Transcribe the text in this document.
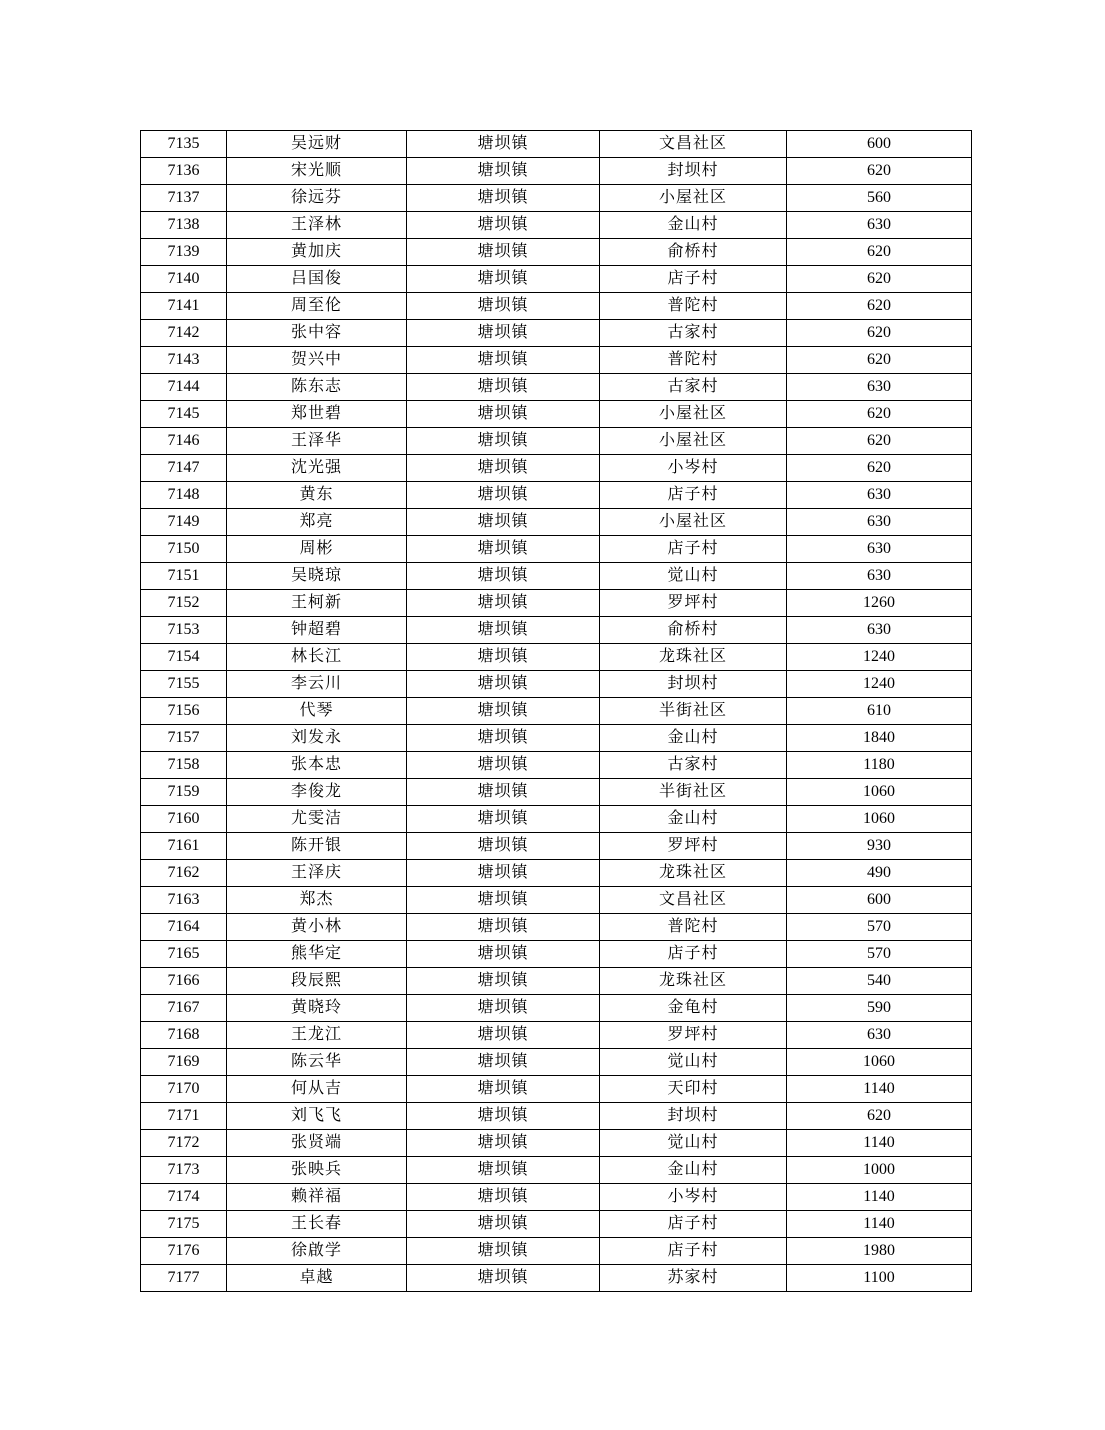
7135	吴远财	塘坝镇	文昌社区	600
7136	宋光顺	塘坝镇	封坝村	620
7137	徐远芬	塘坝镇	小屋社区	560
7138	王泽林	塘坝镇	金山村	630
7139	黄加庆	塘坝镇	俞桥村	620
7140	吕国俊	塘坝镇	店子村	620
7141	周至伦	塘坝镇	普陀村	620
7142	张中容	塘坝镇	古家村	620
7143	贺兴中	塘坝镇	普陀村	620
7144	陈东志	塘坝镇	古家村	630
7145	郑世碧	塘坝镇	小屋社区	620
7146	王泽华	塘坝镇	小屋社区	620
7147	沈光强	塘坝镇	小岑村	620
7148	黄东	塘坝镇	店子村	630
7149	郑亮	塘坝镇	小屋社区	630
7150	周彬	塘坝镇	店子村	630
7151	吴晓琼	塘坝镇	觉山村	630
7152	王柯新	塘坝镇	罗坪村	1260
7153	钟超碧	塘坝镇	俞桥村	630
7154	林长江	塘坝镇	龙珠社区	1240
7155	李云川	塘坝镇	封坝村	1240
7156	代琴	塘坝镇	半街社区	610
7157	刘发永	塘坝镇	金山村	1840
7158	张本忠	塘坝镇	古家村	1180
7159	李俊龙	塘坝镇	半街社区	1060
7160	尤雯洁	塘坝镇	金山村	1060
7161	陈开银	塘坝镇	罗坪村	930
7162	王泽庆	塘坝镇	龙珠社区	490
7163	郑杰	塘坝镇	文昌社区	600
7164	黄小林	塘坝镇	普陀村	570
7165	熊华定	塘坝镇	店子村	570
7166	段辰熙	塘坝镇	龙珠社区	540
7167	黄晓玲	塘坝镇	金龟村	590
7168	王龙江	塘坝镇	罗坪村	630
7169	陈云华	塘坝镇	觉山村	1060
7170	何从吉	塘坝镇	天印村	1140
7171	刘飞飞	塘坝镇	封坝村	620
7172	张贤端	塘坝镇	觉山村	1140
7173	张映兵	塘坝镇	金山村	1000
7174	赖祥福	塘坝镇	小岑村	1140
7175	王长春	塘坝镇	店子村	1140
7176	徐啟学	塘坝镇	店子村	1980
7177	卓越	塘坝镇	苏家村	1100
